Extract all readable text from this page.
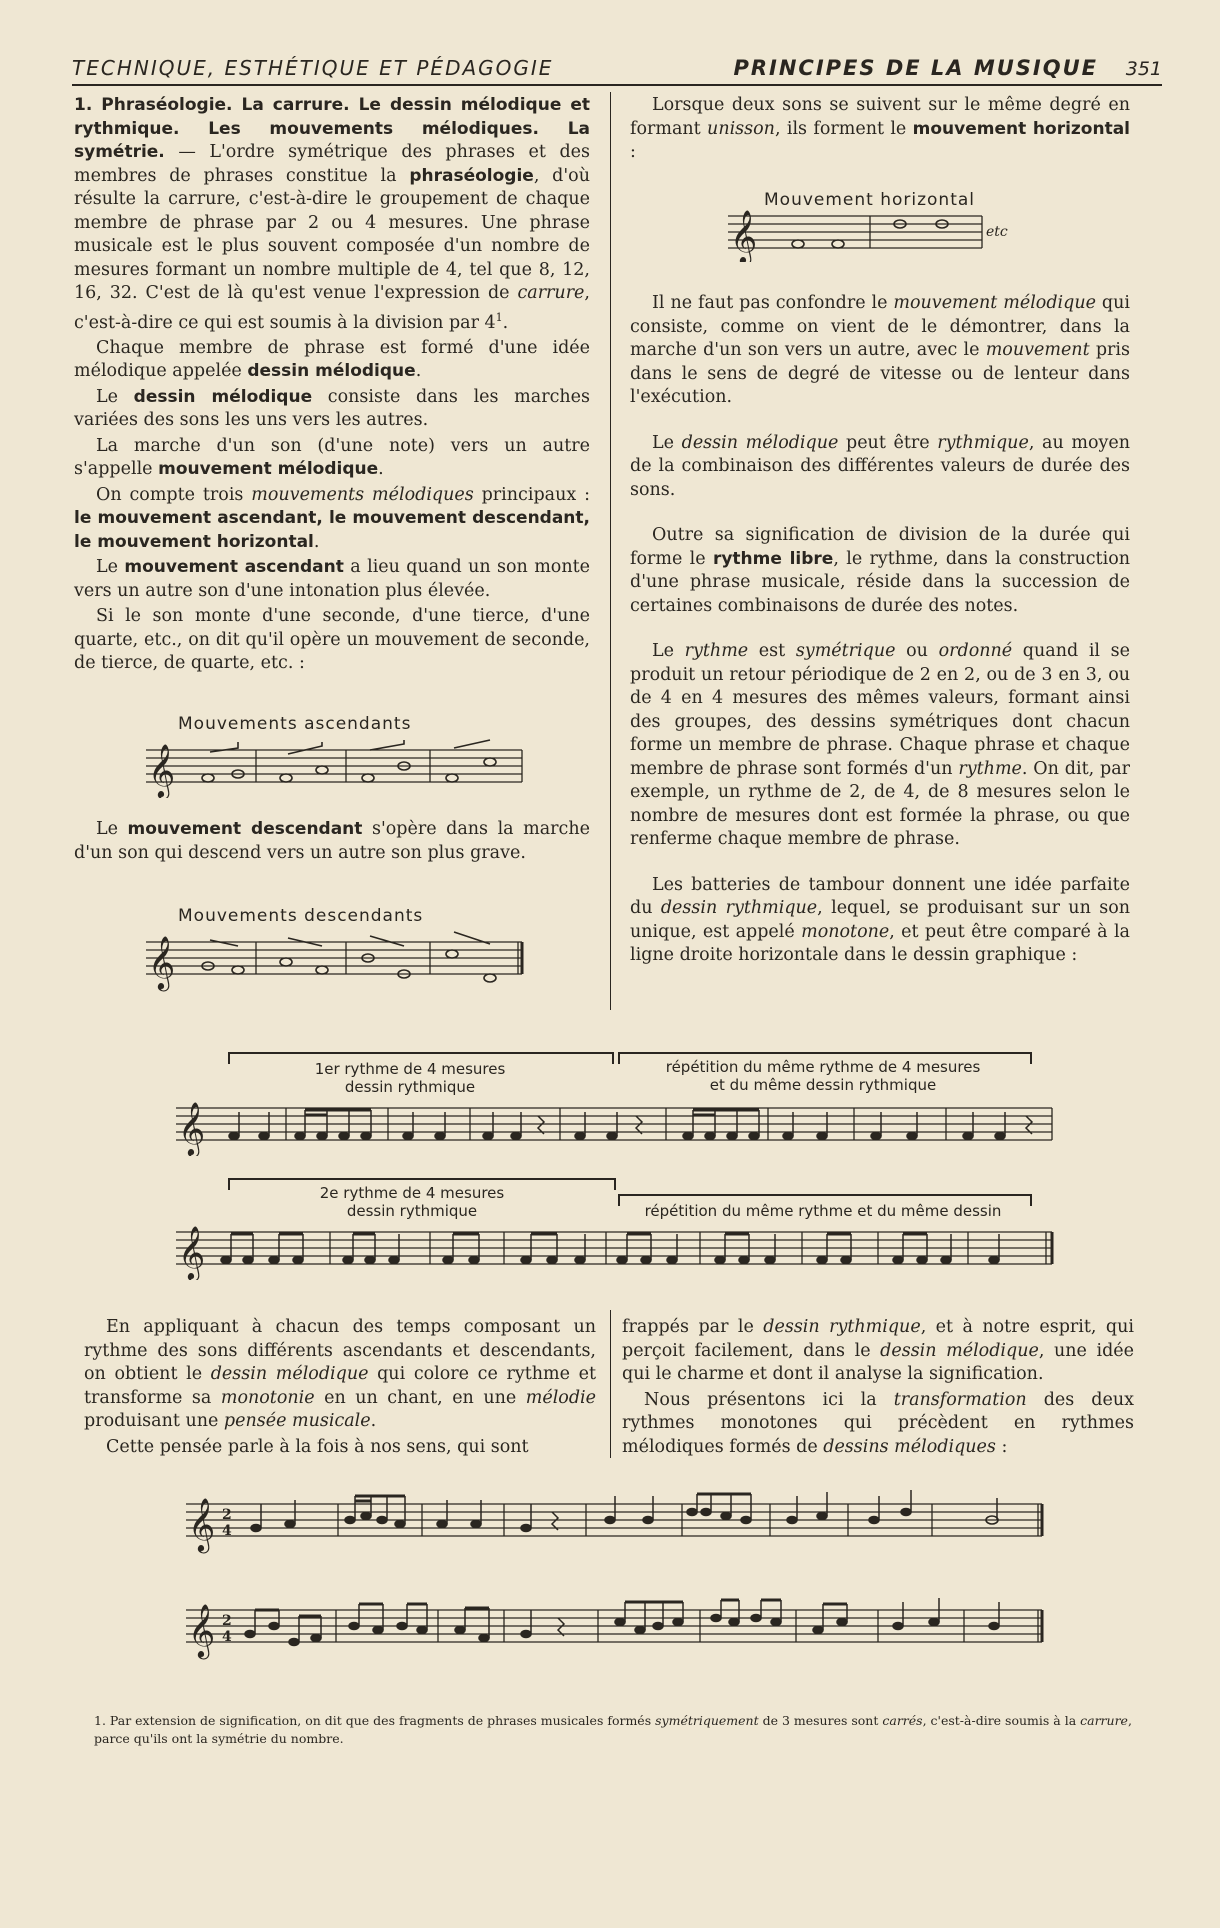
TECHNIQUE, ESTHÉTIQUE ET PÉDAGOGIE	PRINCIPES DE LA MUSIQUE 351

1. Phraséologie. La carrure. Le dessin mélodique et rythmique. Les mouvements mélodiques. La symétrie. — L'ordre symétrique des phrases et des membres de phrases constitue la phraséologie, d'où résulte la carrure, c'est-à-dire le groupement de chaque membre de phrase par 2 ou 4 mesures. Une phrase musicale est le plus souvent composée d'un nombre de mesures formant un nombre multiple de 4, tel que 8, 12, 16, 32. C'est de là qu'est venue l'expression de carrure, c'est-à-dire ce qui est soumis à la division par $4^1$.

Chaque membre de phrase est formé d'une idée mélodique appelée dessin mélodique.

Le dessin mélodique consiste dans les marches variées des sons les uns vers les autres.

La marche d'un son (d'une note) vers un autre s'appelle mouvement mélodique.

On compte trois mouvements mélodiques principaux : le mouvement ascendant, le mouvement descendant, le mouvement horizontal.

Le mouvement ascendant a lieu quand un son monte vers un autre son d'une intonation plus élevée.

Si le son monte d'une seconde, d'une tierce, d'une quarte, etc., on dit qu'il opère un mouvement de seconde, de tierce, de quarte, etc. :

Mouvements ascendants
𝄞

Le mouvement descendant s'opère dans la marche d'un son qui descend vers un autre son plus grave.

Mouvements descendants
𝄞

Lorsque deux sons se suivent sur le même degré en formant unisson, ils forment le mouvement horizontal :

Mouvement horizontal
𝄞	etc

Il ne faut pas confondre le mouvement mélodique qui consiste, comme on vient de le démontrer, dans la marche d'un son vers un autre, avec le mouvement pris dans le sens de degré de vitesse ou de lenteur dans l'exécution.

Le dessin mélodique peut être rythmique, au moyen de la combinaison des différentes valeurs de durée des sons.

Outre sa signification de division de la durée qui forme le rythme libre, le rythme, dans la construction d'une phrase musicale, réside dans la succession de certaines combinaisons de durée des notes.

Le rythme est symétrique ou ordonné quand il se produit un retour périodique de 2 en 2, ou de 3 en 3, ou de 4 en 4 mesures des mêmes valeurs, formant ainsi des groupes, des dessins symétriques dont chacun forme un membre de phrase. Chaque phrase et chaque membre de phrase sont formés d'un rythme. On dit, par exemple, un rythme de 2, de 4, de 8 mesures selon le nombre de mesures dont est formée la phrase, ou que renferme chaque membre de phrase.

Les batteries de tambour donnent une idée parfaite du dessin rythmique, lequel, se produisant sur un son unique, est appelé monotone, et peut être comparé à la ligne droite horizontale dans le dessin graphique :

1er rythme de 4 mesures
dessin rythmique
répétition du même rythme de 4 mesures
et du même dessin rythmique
𝄞
2e rythme de 4 mesures
dessin rythmique	répétition du même rythme et du même dessin
𝄞

En appliquant à chacun des temps composant un rythme des sons différents ascendants et descendants, on obtient le dessin mélodique qui colore ce rythme et transforme sa monotonie en un chant, en une mélodie produisant une pensée musicale.

Cette pensée parle à la fois à nos sens, qui sont

frappés par le dessin rythmique, et à notre esprit, qui perçoit facilement, dans le dessin mélodique, une idée qui le charme et dont il analyse la signification.

Nous présentons ici la transformation des deux rythmes monotones qui précèdent en rythmes mélodiques formés de dessins mélodiques :

𝄞 2
4
𝄞 2
4
1. Par extension de signification, on dit que des fragments de phrases musicales formés symétriquement de 3 mesures sont carrés, c'est-à-dire soumis à la carrure, parce qu'ils ont la symétrie du nombre.
